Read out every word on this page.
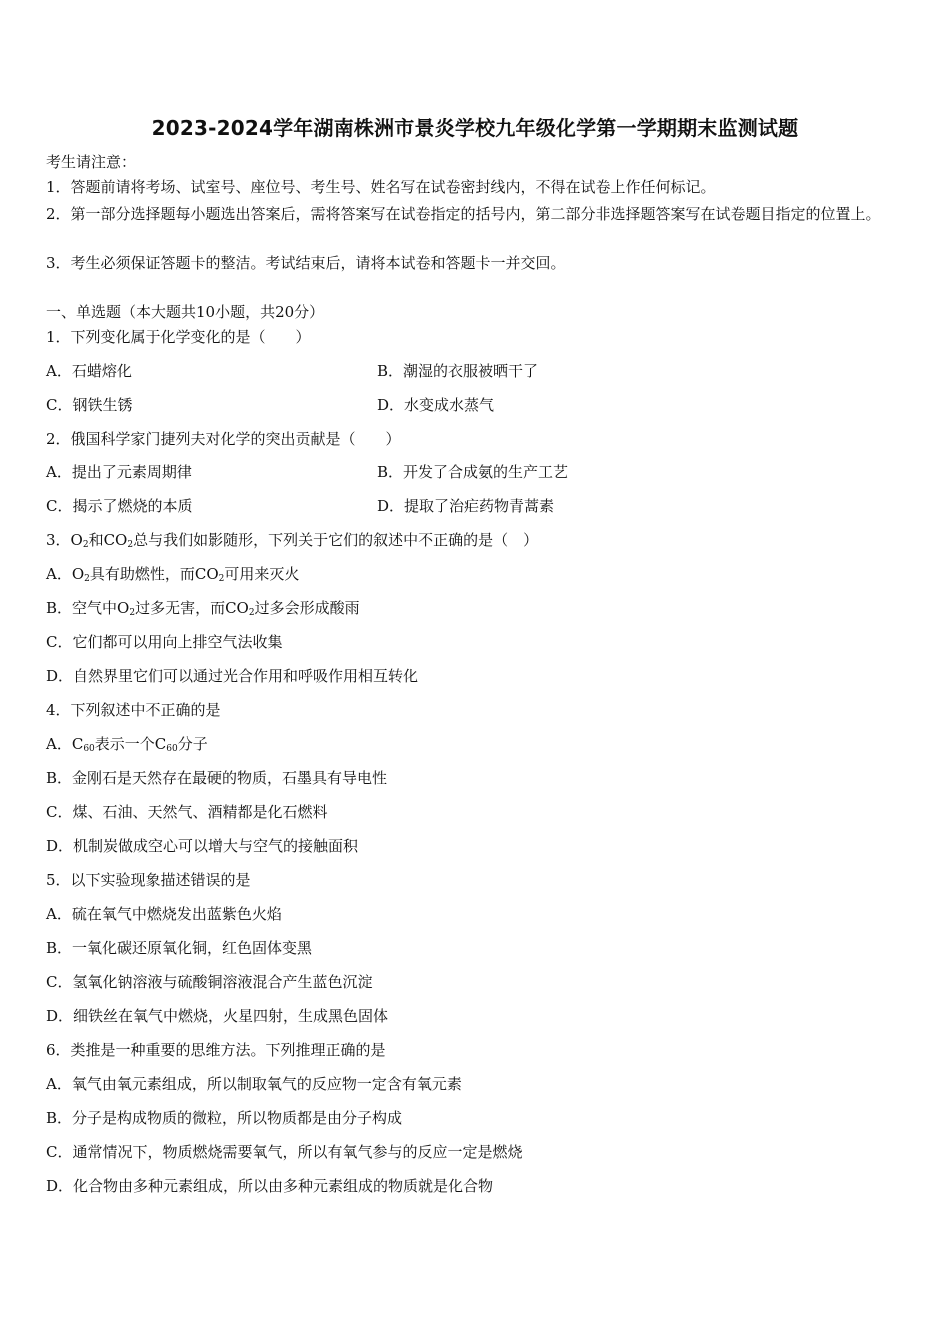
2023-2024学年湖南株洲市景炎学校九年级化学第一学期期末监测试题
考生请注意：
1．答题前请将考场、试室号、座位号、考生号、姓名写在试卷密封线内，不得在试卷上作任何标记。
2．第一部分选择题每小题选出答案后，需将答案写在试卷指定的括号内，第二部分非选择题答案写在试卷题目指定的位置上。
3．考生必须保证答题卡的整洁。考试结束后，请将本试卷和答题卡一并交回。
一、单选题（本大题共10小题，共20分）
1．下列变化属于化学变化的是（　　）
A．石蜡熔化	B．潮湿的衣服被晒干了
C．钢铁生锈	D．水变成水蒸气
2．俄国科学家门捷列夫对化学的突出贡献是（　　）
A．提出了元素周期律	B．开发了合成氨的生产工艺
C．揭示了燃烧的本质	D．提取了治疟药物青蒿素
3．$O_2$和$CO_2$总与我们如影随形，下列关于它们的叙述中不正确的是（　）
A．$O_2$具有助燃性，而$CO_2$可用来灭火
B．空气中$O_2$过多无害，而$CO_2$过多会形成酸雨
C．它们都可以用向上排空气法收集
D．自然界里它们可以通过光合作用和呼吸作用相互转化
4．下列叙述中不正确的是
A．$C_{60}$表示一个$C_{60}$分子
B．金刚石是天然存在最硬的物质，石墨具有导电性
C．煤、石油、天然气、酒精都是化石燃料
D．机制炭做成空心可以增大与空气的接触面积
5．以下实验现象描述错误的是
A．硫在氧气中燃烧发出蓝紫色火焰
B．一氧化碳还原氧化铜，红色固体变黑
C．氢氧化钠溶液与硫酸铜溶液混合产生蓝色沉淀
D．细铁丝在氧气中燃烧，火星四射，生成黑色固体
6．类推是一种重要的思维方法。下列推理正确的是
A．氧气由氧元素组成，所以制取氧气的反应物一定含有氧元素
B．分子是构成物质的微粒，所以物质都是由分子构成
C．通常情况下，物质燃烧需要氧气，所以有氧气参与的反应一定是燃烧
D．化合物由多种元素组成，所以由多种元素组成的物质就是化合物
